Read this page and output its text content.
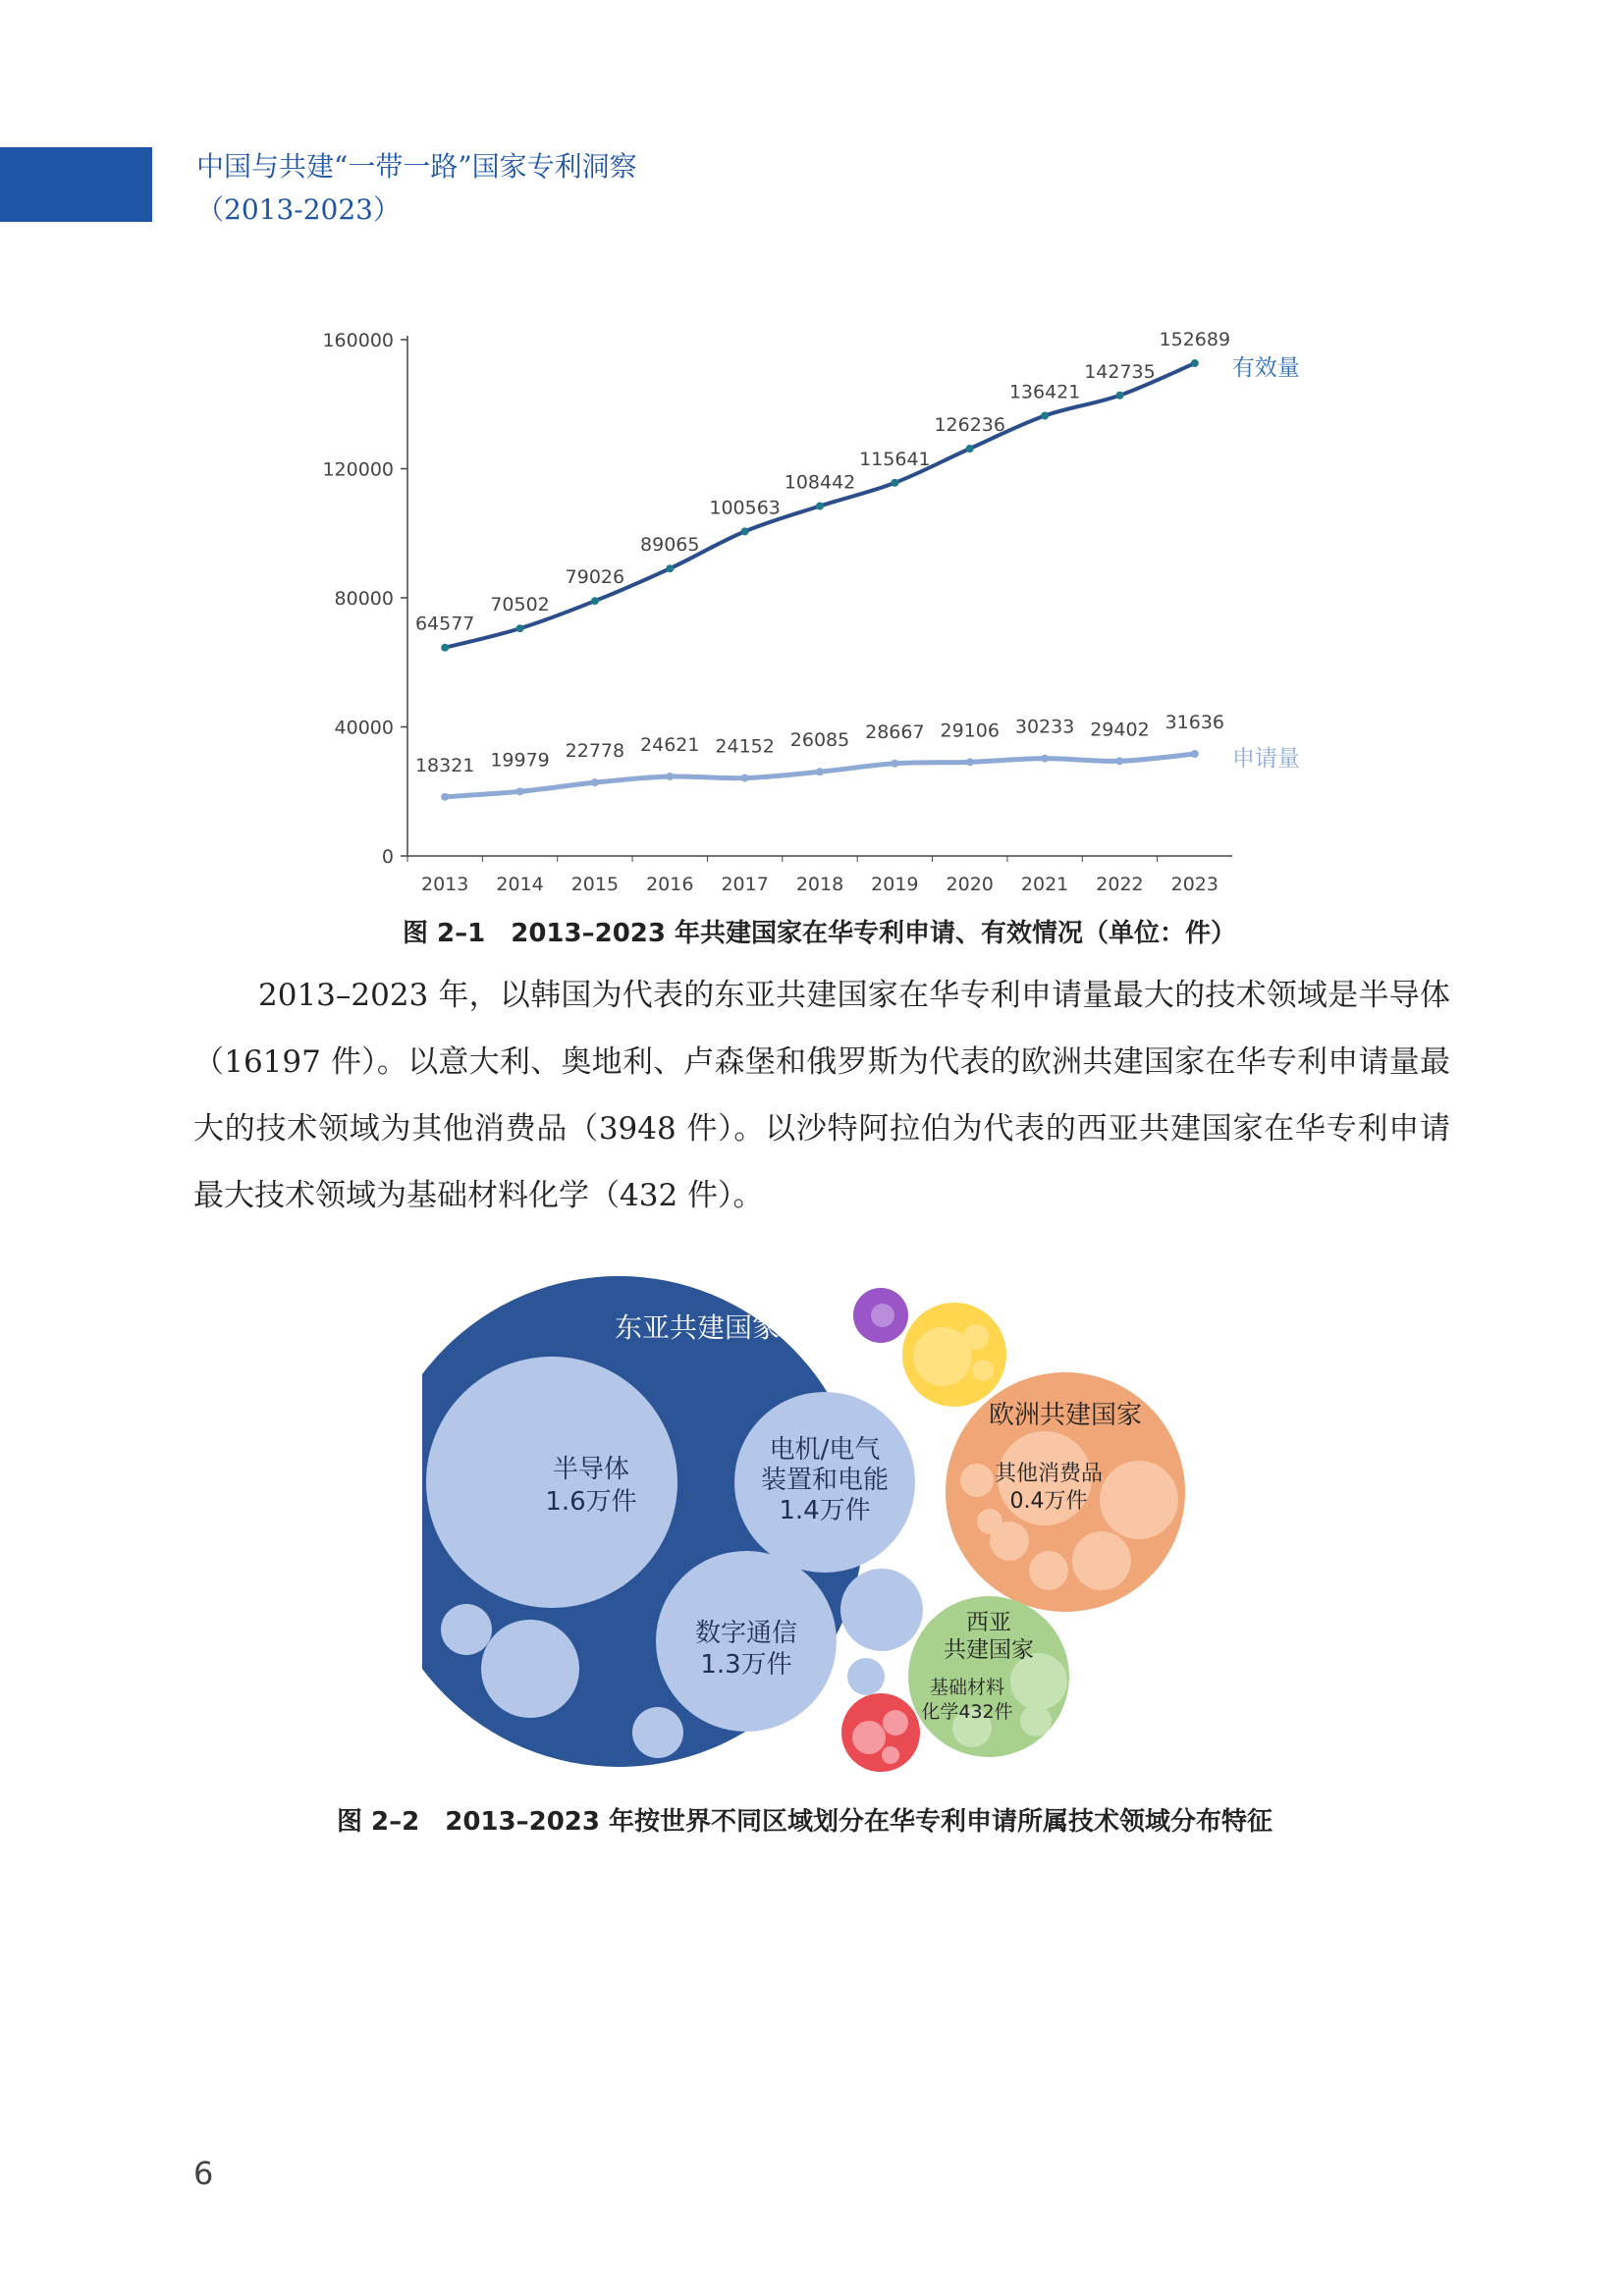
中国与共建“一带一路”国家专利洞察
（2013-2023）
0
40000
80000
120000
160000
2013 2014 2015 2016 2017 2018 2019 2020 2021 2022 2023
64577
70502
79026
89065
100563
108442
115641
126236
136421
142735
152689
有效量
18321 19979 22778 24621 24152 26085 28667 29106 30233 29402 31636
申请量
图 2–1　2013–2023 年共建国家在华专利申请、有效情况（单位：件）

2013–2023 年，以韩国为代表的东亚共建国家在华专利申请量最大的技术领域是半导体（16197 件）。以意大利、奥地利、卢森堡和俄罗斯为代表的欧洲共建国家在华专利申请量最大的技术领域为其他消费品（3948 件）。以沙特阿拉伯为代表的西亚共建国家在华专利申请最大技术领域为基础材料化学（432 件）。

东亚共建国家
半导体
1.6万件
电机/电气
装置和电能
1.4万件
数字通信
1.3万件
欧洲共建国家
其他消费品
0.4万件
西亚
共建国家
基础材料
化学432件
图 2–2　2013–2023 年按世界不同区域划分在华专利申请所属技术领域分布特征
6
